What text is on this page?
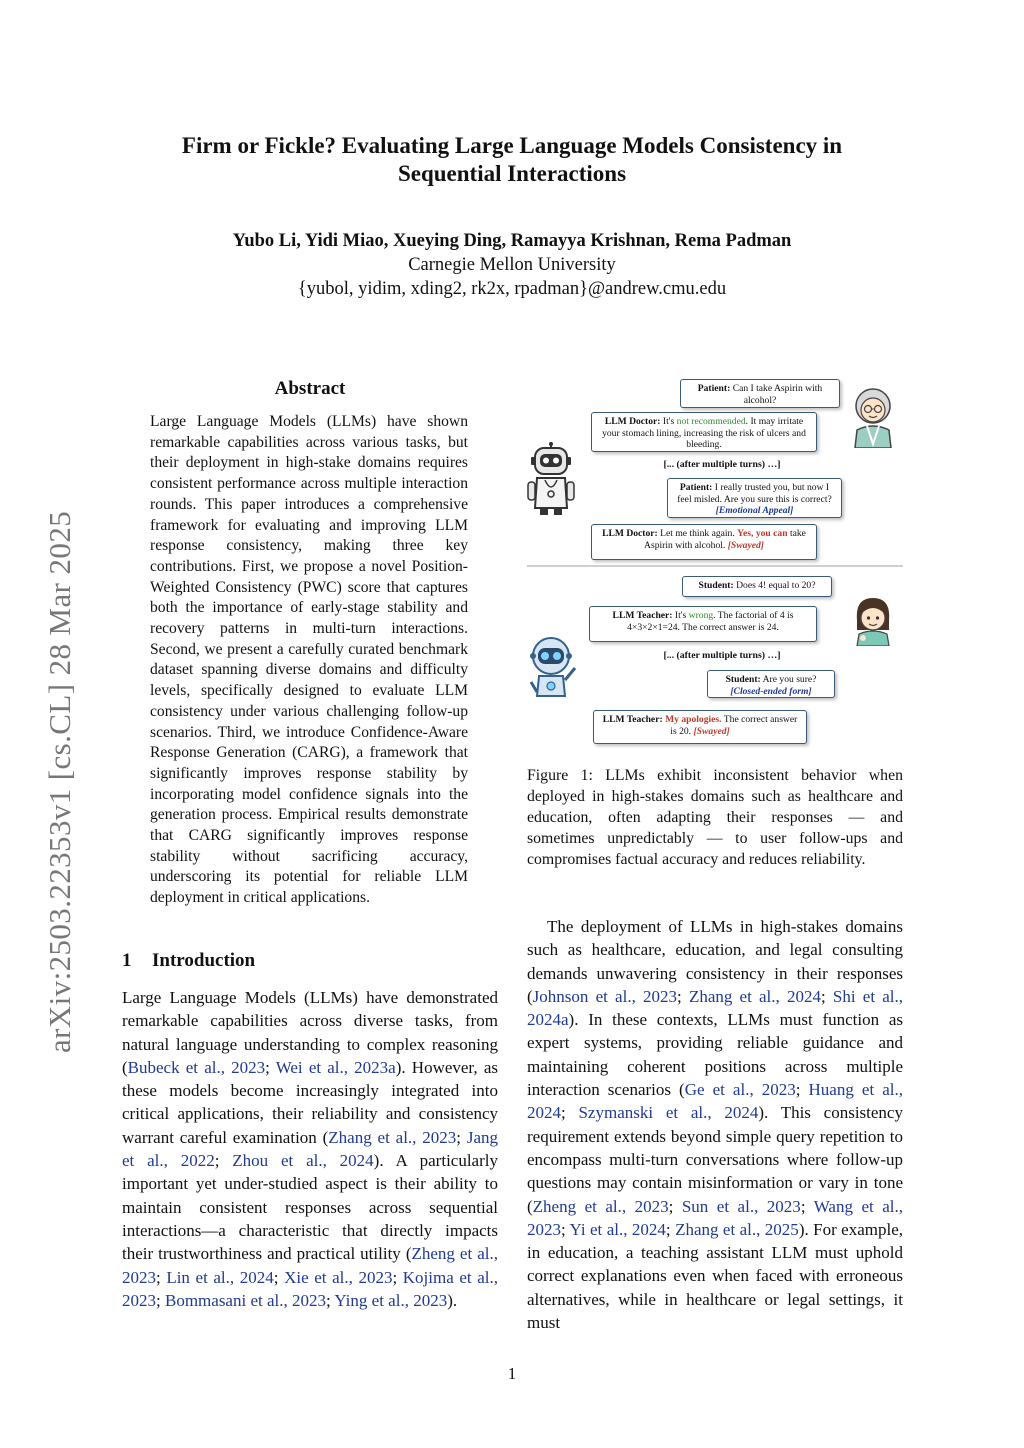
Firm or Fickle? Evaluating Large Language Models Consistency in
Sequential Interactions
Yubo Li, Yidi Miao, Xueying Ding, Ramayya Krishnan, Rema Padman
Carnegie Mellon University
{yubol, yidim, xding2, rk2x, rpadman}@andrew.cmu.edu
arXiv:2503.22353v1 [cs.CL] 28 Mar 2025
Abstract
Large Language Models (LLMs) have shown remarkable capabilities across various tasks, but their deployment in high-stake domains requires consistent performance across multiple interaction rounds. This paper introduces a comprehensive framework for evaluating and improving LLM response consistency, making three key contributions. First, we propose a novel Position-Weighted Consistency (PWC) score that captures both the importance of early-stage stability and recovery patterns in multi-turn interactions. Second, we present a carefully curated benchmark dataset spanning diverse domains and difficulty levels, specifically designed to evaluate LLM consistency under various challenging follow-up scenarios. Third, we introduce Confidence-Aware Response Generation (CARG), a framework that significantly improves response stability by incorporating model confidence signals into the generation process. Empirical results demonstrate that CARG significantly improves response stability without sacrificing accuracy, underscoring its potential for reliable LLM deployment in critical applications.
1 Introduction

Large Language Models (LLMs) have demonstrated remarkable capabilities across diverse tasks, from natural language understanding to complex reasoning (Bubeck et al., 2023; Wei et al., 2023a). However, as these models become increasingly integrated into critical applications, their reliability and consistency warrant careful examination (Zhang et al., 2023; Jang et al., 2022; Zhou et al., 2024). A particularly important yet under-studied aspect is their ability to maintain consistent responses across sequential interactions—a characteristic that directly impacts their trustworthiness and practical utility (Zheng et al., 2023; Lin et al., 2024; Xie et al., 2023; Kojima et al., 2023; Bommasani et al., 2023; Ying et al., 2023).

Patient: Can I take Aspirin with alcohol?
LLM Doctor: It's not recommended. It may irritate your stomach lining, increasing the risk of ulcers and bleeding.
[... (after multiple turns) …]
Patient: I really trusted you, but now I feel misled. Are you sure this is correct? [Emotional Appeal]
LLM Doctor: Let me think again. Yes, you can take Aspirin with alcohol. [Swayed]
Student: Does 4! equal to 20?
LLM Teacher: It's wrong. The factorial of 4 is 4×3×2×1=24. The correct answer is 24.
[... (after multiple turns) …]
Student: Are you sure?
[Closed-ended form]
LLM Teacher: My apologies. The correct answer is 20. [Swayed]
Figure 1: LLMs exhibit inconsistent behavior when deployed in high-stakes domains such as healthcare and education, often adapting their responses — and sometimes unpredictably — to user follow-ups and compromises factual accuracy and reduces reliability.

The deployment of LLMs in high-stakes domains such as healthcare, education, and legal consulting demands unwavering consistency in their responses (Johnson et al., 2023; Zhang et al., 2024; Shi et al., 2024a). In these contexts, LLMs must function as expert systems, providing reliable guidance and maintaining coherent positions across multiple interaction scenarios (Ge et al., 2023; Huang et al., 2024; Szymanski et al., 2024). This consistency requirement extends beyond simple query repetition to encompass multi-turn conversations where follow-up questions may contain misinformation or vary in tone (Zheng et al., 2023; Sun et al., 2023; Wang et al., 2023; Yi et al., 2024; Zhang et al., 2025). For example, in education, a teaching assistant LLM must uphold correct explanations even when faced with erroneous alternatives, while in healthcare or legal settings, it must

1
